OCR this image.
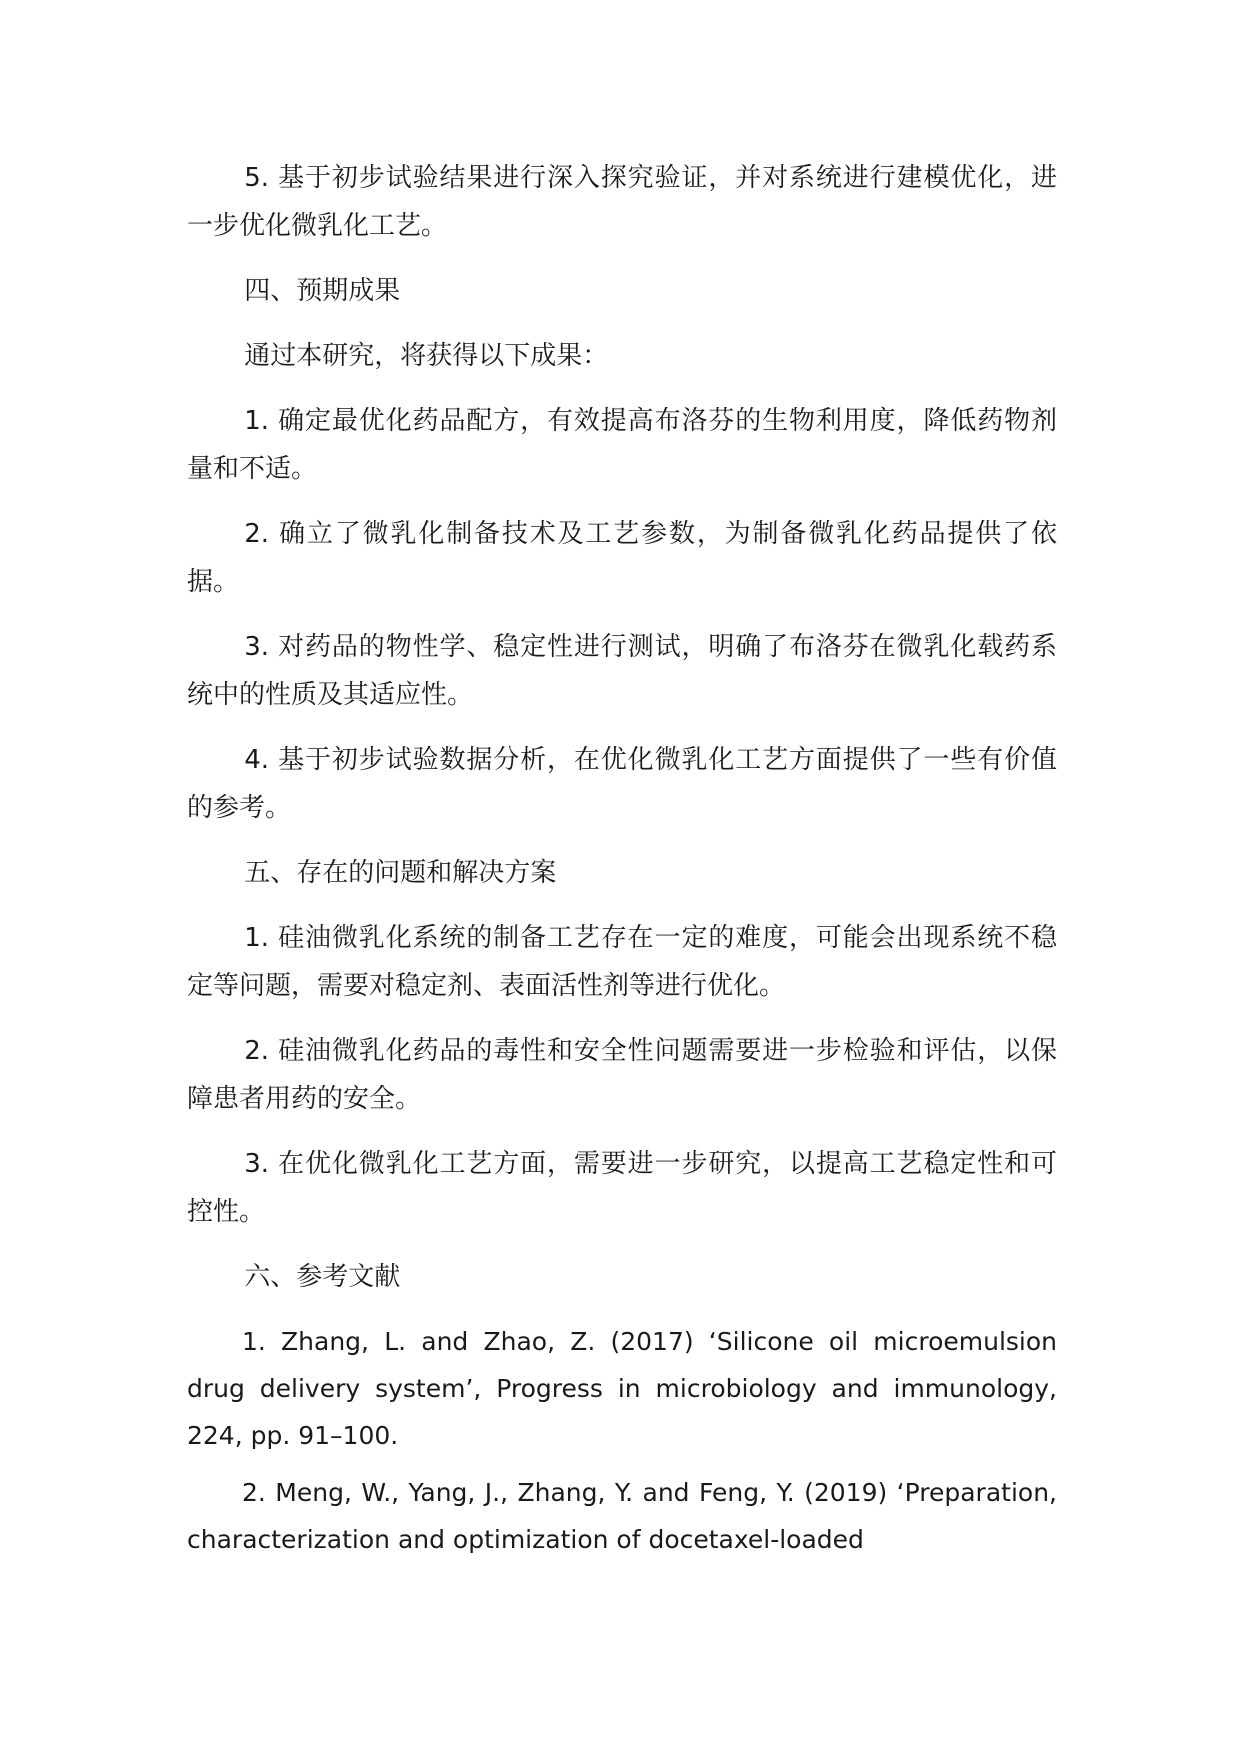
5. 基于初步试验结果进行深入探究验证，并对系统进行建模优化，进一步优化微乳化工艺。

四、预期成果

通过本研究，将获得以下成果：

1. 确定最优化药品配方，有效提高布洛芬的生物利用度，降低药物剂量和不适。

2. 确立了微乳化制备技术及工艺参数，为制备微乳化药品提供了依据。

3. 对药品的物性学、稳定性进行测试，明确了布洛芬在微乳化载药系统中的性质及其适应性。

4. 基于初步试验数据分析，在优化微乳化工艺方面提供了一些有价值的参考。

五、存在的问题和解决方案

1. 硅油微乳化系统的制备工艺存在一定的难度，可能会出现系统不稳定等问题，需要对稳定剂、表面活性剂等进行优化。

2. 硅油微乳化药品的毒性和安全性问题需要进一步检验和评估，以保障患者用药的安全。

3. 在优化微乳化工艺方面，需要进一步研究，以提高工艺稳定性和可控性。

六、参考文献

1. Zhang, L. and Zhao, Z. (2017) ‘Silicone oil microemulsion drug delivery system’, Progress in microbiology and immunology, 224, pp. 91–100.

2. Meng, W., Yang, J., Zhang, Y. and Feng, Y. (2019) ‘Preparation, characterization and optimization of docetaxel-loaded
